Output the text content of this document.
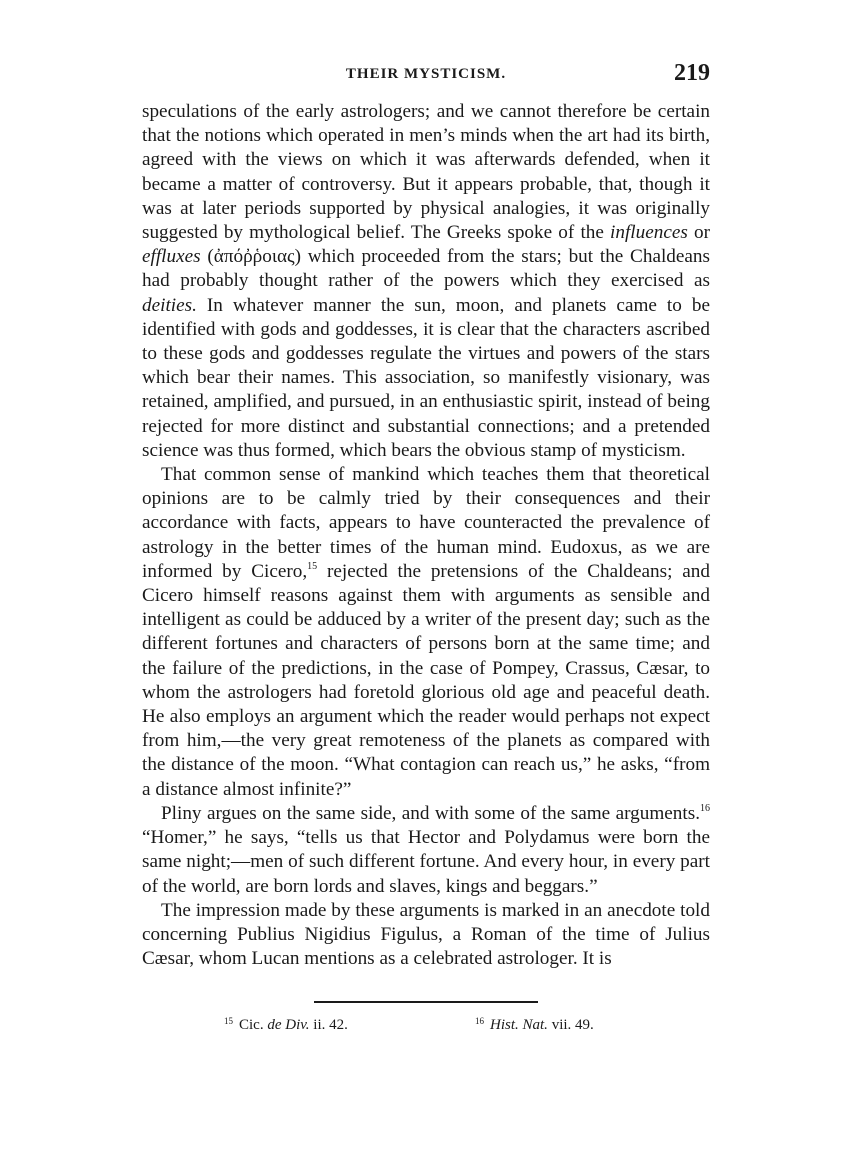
THEIR MYSTICISM.	219

speculations of the early astrologers; and we cannot therefore be certain that the notions which operated in men’s minds when the art had its birth, agreed with the views on which it was afterwards defended, when it became a matter of controversy. But it appears probable, that, though it was at later periods supported by physical analogies, it was originally suggested by mythological belief. The Greeks spoke of the influences or effluxes (ἀπόῤῥοιας) which proceeded from the stars; but the Chaldeans had probably thought rather of the powers which they exercised as deities. In whatever manner the sun, moon, and planets came to be identified with gods and goddesses, it is clear that the characters ascribed to these gods and goddesses regulate the virtues and powers of the stars which bear their names. This association, so manifestly visionary, was retained, amplified, and pursued, in an enthusiastic spirit, instead of being rejected for more distinct and substantial connections; and a pretended science was thus formed, which bears the obvious stamp of mysticism.

That common sense of mankind which teaches them that theoretical opinions are to be calmly tried by their consequences and their accordance with facts, appears to have counteracted the prevalence of astrology in the better times of the human mind. Eudoxus, as we are informed by Cicero,$^{15}$ rejected the pretensions of the Chaldeans; and Cicero himself reasons against them with arguments as sensible and intelligent as could be adduced by a writer of the present day; such as the different fortunes and characters of persons born at the same time; and the failure of the predictions, in the case of Pompey, Crassus, Cæsar, to whom the astrologers had foretold glorious old age and peaceful death. He also employs an argument which the reader would perhaps not expect from him,—the very great remoteness of the planets as compared with the distance of the moon. “What contagion can reach us,” he asks, “from a distance almost infinite?”

Pliny argues on the same side, and with some of the same arguments.$^{16}$ “Homer,” he says, “tells us that Hector and Polydamus were born the same night;—men of such different fortune. And every hour, in every part of the world, are born lords and slaves, kings and beggars.”

The impression made by these arguments is marked in an anecdote told concerning Publius Nigidius Figulus, a Roman of the time of Julius Cæsar, whom Lucan mentions as a celebrated astrologer. It is

$^{15}$ Cic. de Div. ii. 42.	$^{16}$ Hist. Nat. vii. 49.
